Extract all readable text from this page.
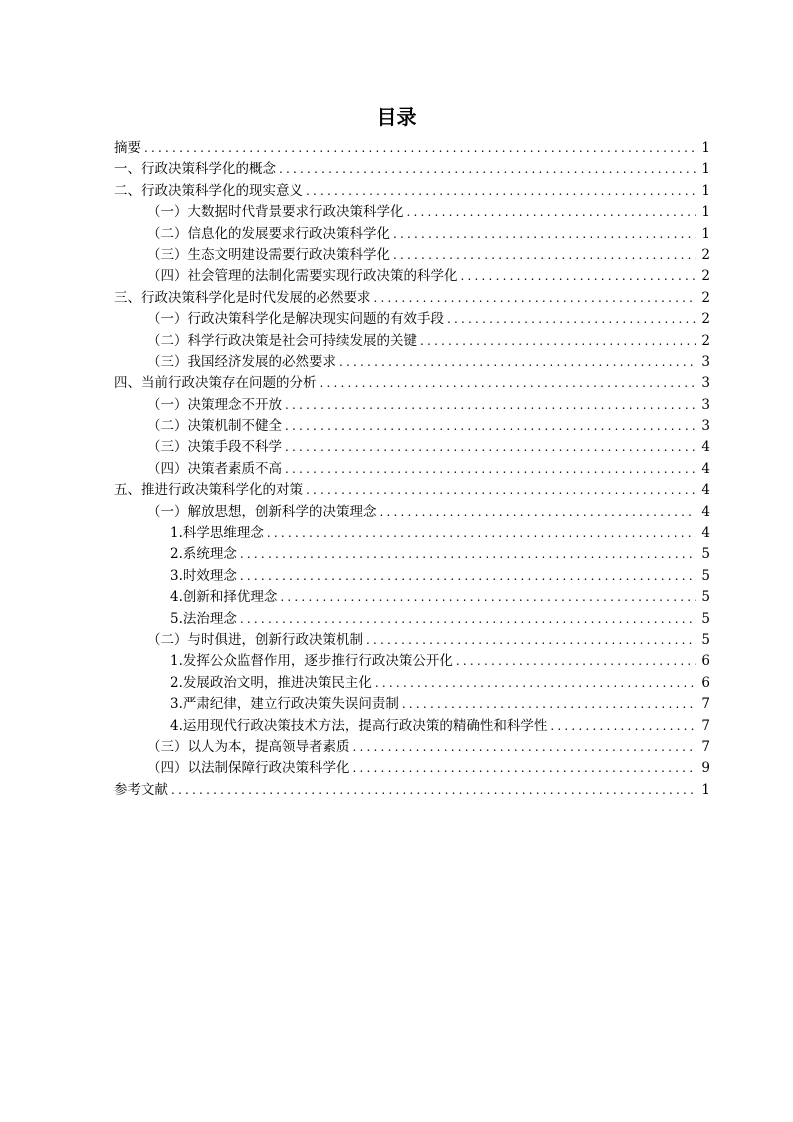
目录
摘要 .....	1
一、行政决策科学化的概念 .....	1
二、行政决策科学化的现实意义 .....	1
（一）大数据时代背景要求行政决策科学化 .....	1
（二）信息化的发展要求行政决策科学化 .....	1
（三）生态文明建设需要行政决策科学化 .....	2
（四）社会管理的法制化需要实现行政决策的科学化 .....	2
三、行政决策科学化是时代发展的必然要求 .....	2
（一）行政决策科学化是解决现实问题的有效手段 .....	2
（二）科学行政决策是社会可持续发展的关键 .....	2
（三）我国经济发展的必然要求 .....	3
四、当前行政决策存在问题的分析 .....	3
（一）决策理念不开放 .....	3
（二）决策机制不健全 .....	3
（三）决策手段不科学 .....	4
（四）决策者素质不高 .....	4
五、推进行政决策科学化的对策 .....	4
（一）解放思想，创新科学的决策理念 .....	4
1.科学思维理念 .....	4
2.系统理念 .....	5
3.时效理念 .....	5
4.创新和择优理念 .....	5
5.法治理念 .....	5
（二）与时俱进，创新行政决策机制 .....	5
1.发挥公众监督作用，逐步推行行政决策公开化 .....	6
2.发展政治文明，推进决策民主化 .....	6
3.严肃纪律，建立行政决策失误问责制 .....	7
4.运用现代行政决策技术方法，提高行政决策的精确性和科学性 .....	7
（三）以人为本，提高领导者素质 .....	7
（四）以法制保障行政决策科学化 .....	9
参考文献 .....	1
